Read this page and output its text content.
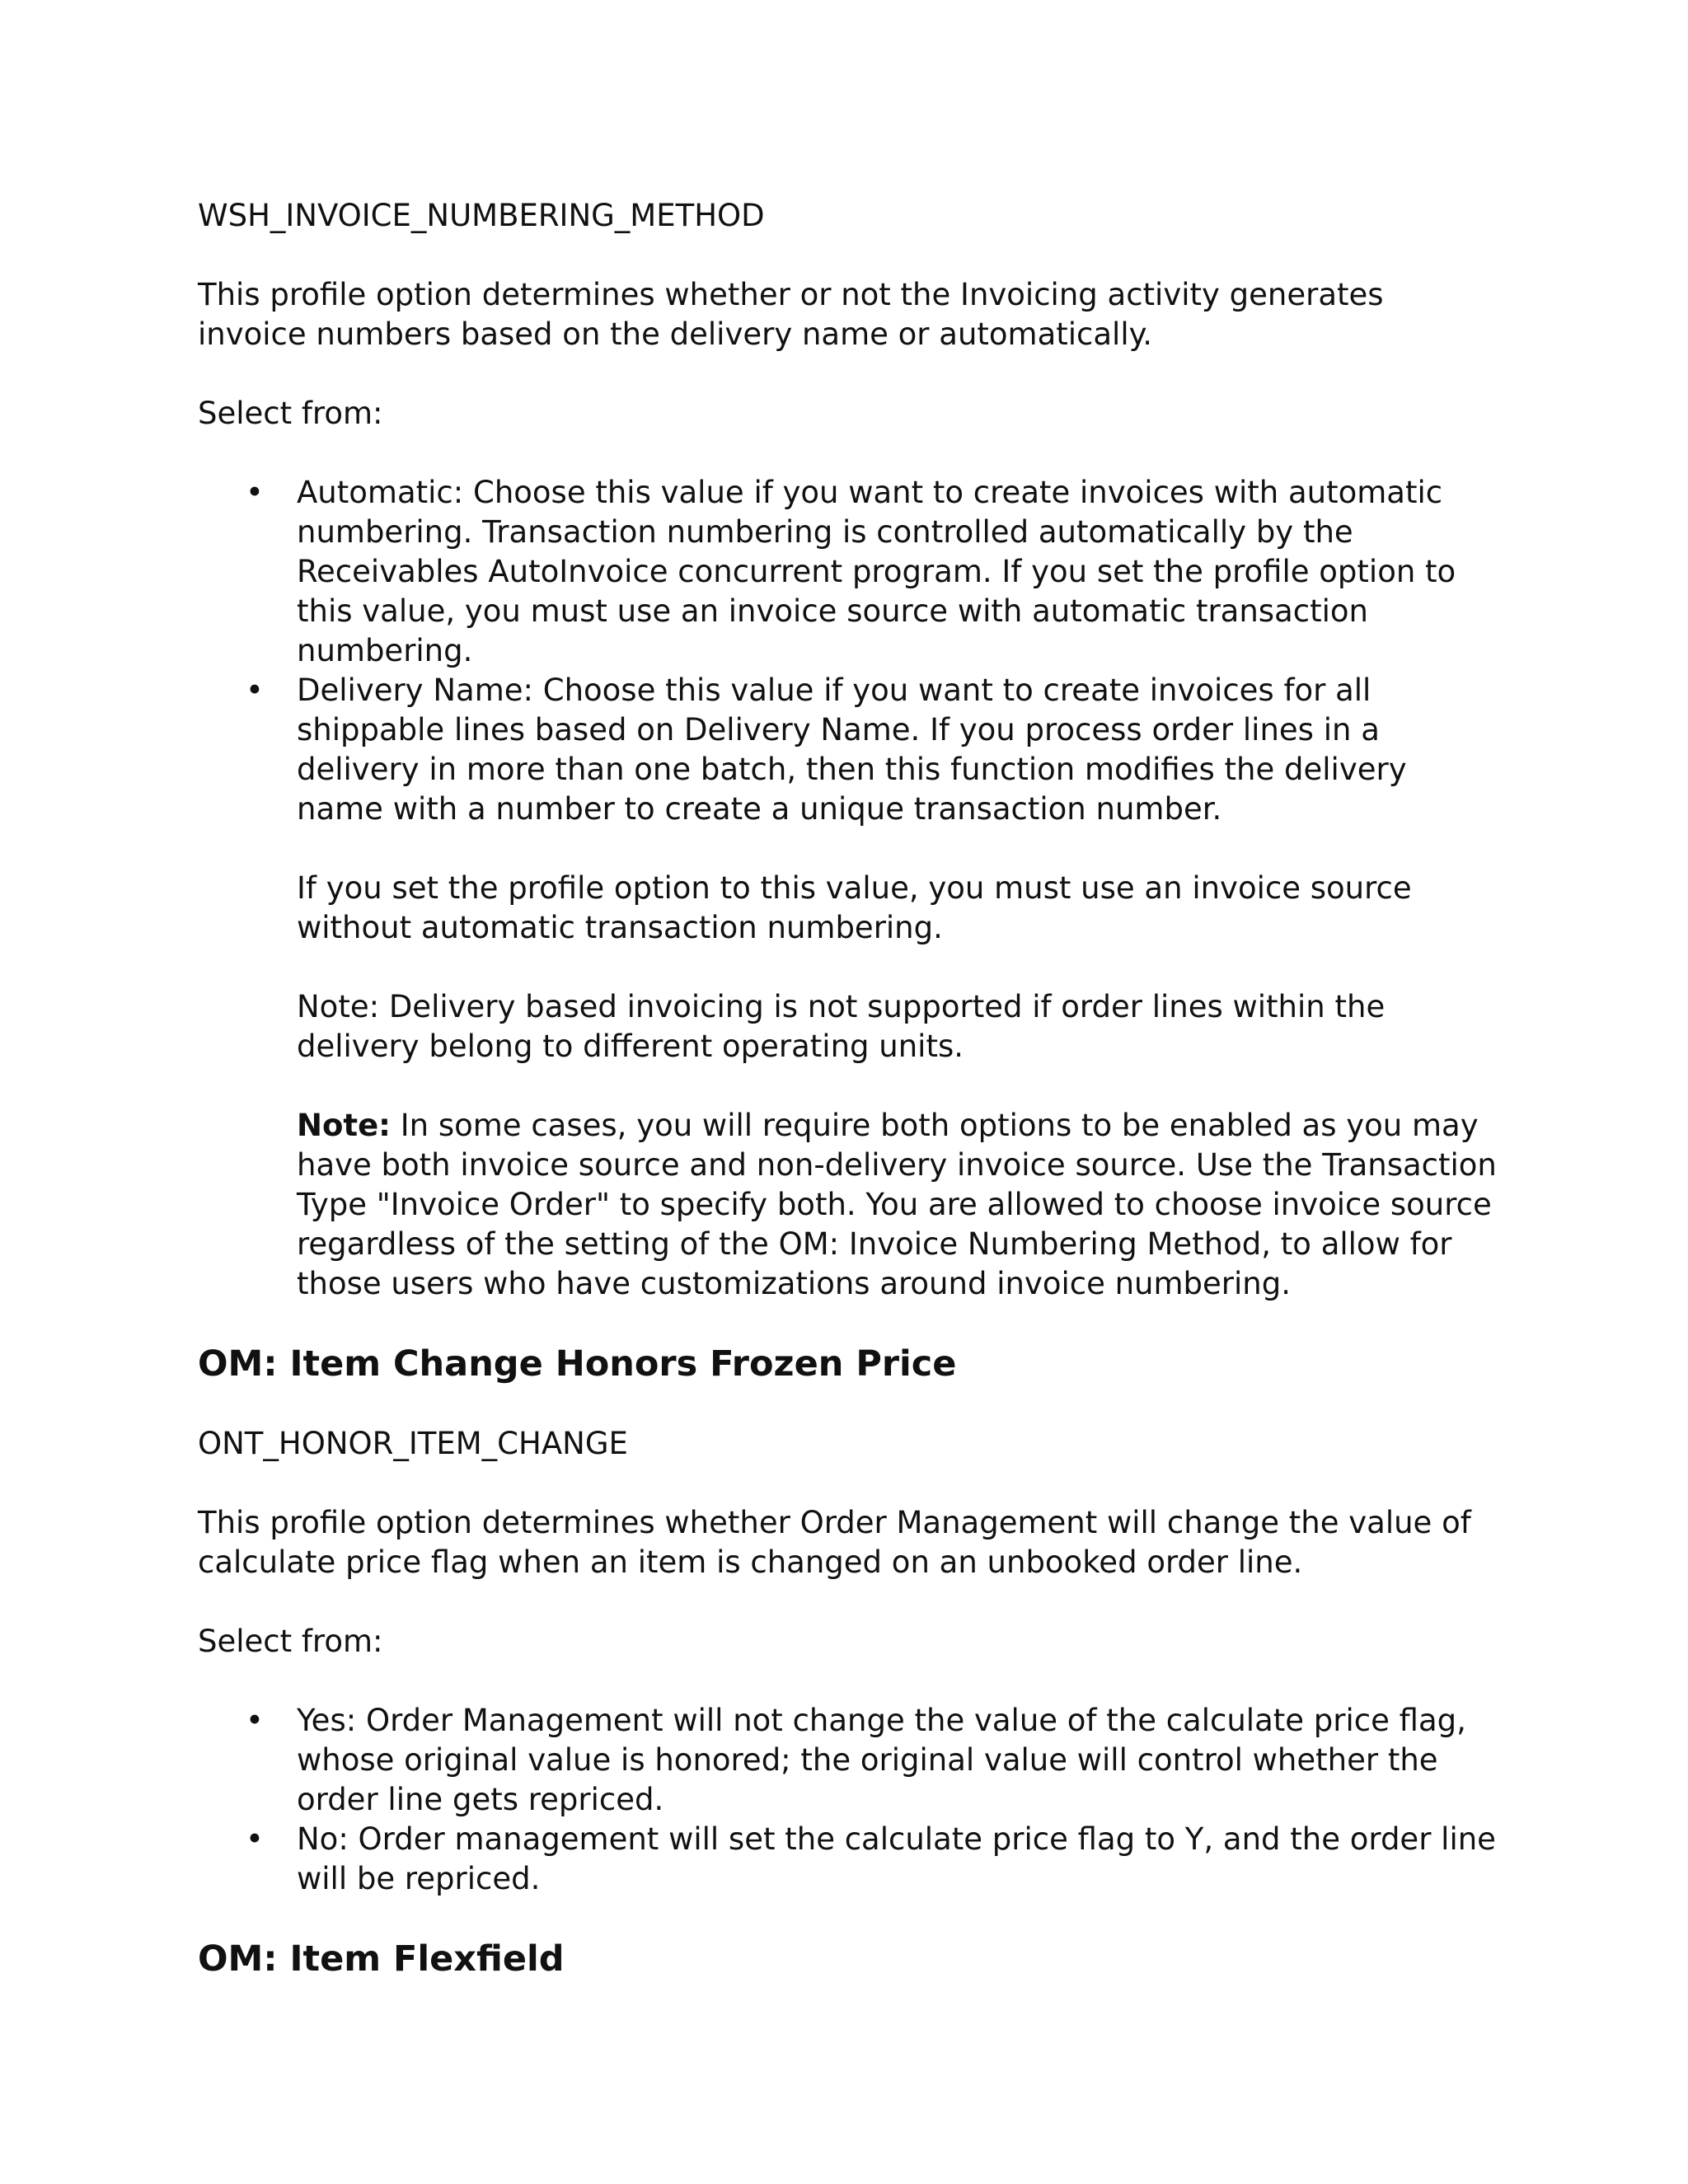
WSH_INVOICE_NUMBERING_METHOD

This profile option determines whether or not the Invoicing activity generates invoice numbers based on the delivery name or automatically.

Select from:

• Automatic: Choose this value if you want to create invoices with automatic numbering. Transaction numbering is controlled automatically by the Receivables AutoInvoice concurrent program. If you set the profile option to this value, you must use an invoice source with automatic transaction numbering.
• Delivery Name: Choose this value if you want to create invoices for all shippable lines based on Delivery Name. If you process order lines in a delivery in more than one batch, then this function modifies the delivery name with a number to create a unique transaction number.
If you set the profile option to this value, you must use an invoice source without automatic transaction numbering.
Note: Delivery based invoicing is not supported if order lines within the delivery belong to different operating units.
Note: In some cases, you will require both options to be enabled as you may have both invoice source and non-delivery invoice source. Use the Transaction Type "Invoice Order" to specify both. You are allowed to choose invoice source regardless of the setting of the OM: Invoice Numbering Method, to allow for those users who have customizations around invoice numbering.
OM: Item Change Honors Frozen Price

ONT_HONOR_ITEM_CHANGE

This profile option determines whether Order Management will change the value of calculate price flag when an item is changed on an unbooked order line.

Select from:

• Yes: Order Management will not change the value of the calculate price flag, whose original value is honored; the original value will control whether the order line gets repriced.
• No: Order management will set the calculate price flag to Y, and the order line will be repriced.
OM: Item Flexfield
